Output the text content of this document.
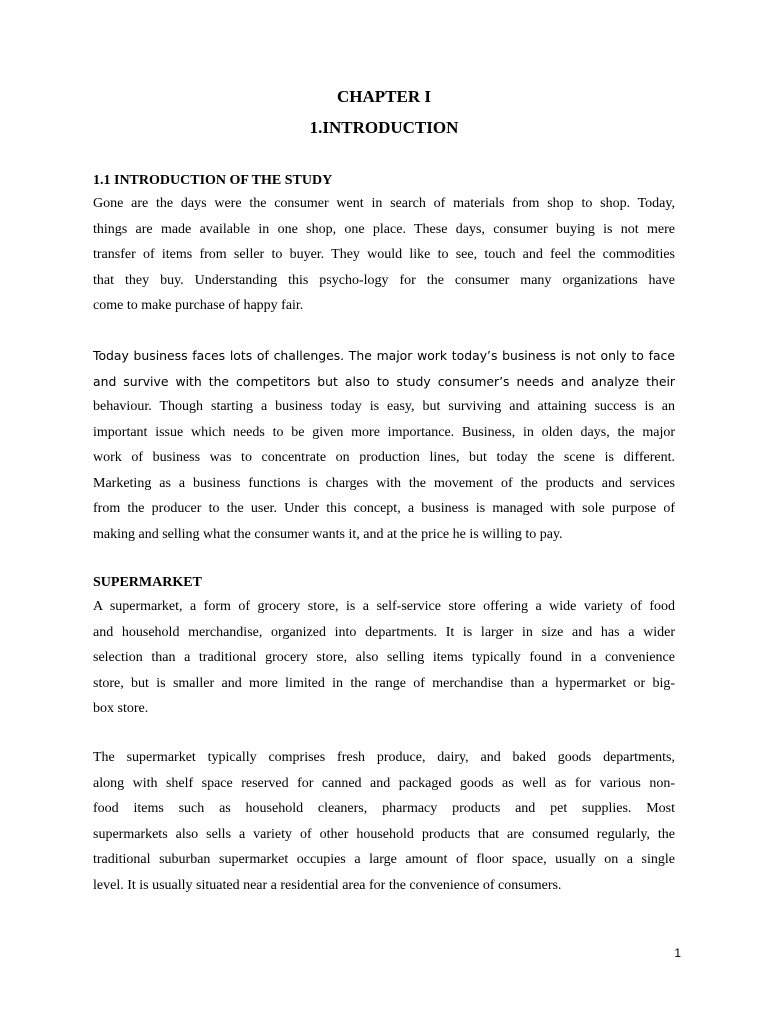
CHAPTER I
1.INTRODUCTION
1.1 INTRODUCTION OF THE STUDY
Gone are the days were the consumer went in search of materials from shop to shop. Today,
things are made available in one shop, one place. These days, consumer buying is not mere
transfer of items from seller to buyer. They would like to see, touch and feel the commodities
that they buy. Understanding this psycho-logy for the consumer many organizations have
come to make purchase of happy fair.
Today business faces lots of challenges. The major work today’s business is not only to face
and survive with the competitors but also to study consumer’s needs and analyze their
behaviour. Though starting a business today is easy, but surviving and attaining success is an
important issue which needs to be given more importance. Business, in olden days, the major
work of business was to concentrate on production lines, but today the scene is different.
Marketing as a business functions is charges with the movement of the products and services
from the producer to the user. Under this concept, a business is managed with sole purpose of
making and selling what the consumer wants it, and at the price he is willing to pay.
SUPERMARKET
A supermarket, a form of grocery store, is a self-service store offering a wide variety of food
and household merchandise, organized into departments. It is larger in size and has a wider
selection than a traditional grocery store, also selling items typically found in a convenience
store, but is smaller and more limited in the range of merchandise than a hypermarket or big-
box store.
The supermarket typically comprises fresh produce, dairy, and baked goods departments,
along with shelf space reserved for canned and packaged goods as well as for various non-
food items such as household cleaners, pharmacy products and pet supplies. Most
supermarkets also sells a variety of other household products that are consumed regularly, the
traditional suburban supermarket occupies a large amount of floor space, usually on a single
level. It is usually situated near a residential area for the convenience of consumers.
1
